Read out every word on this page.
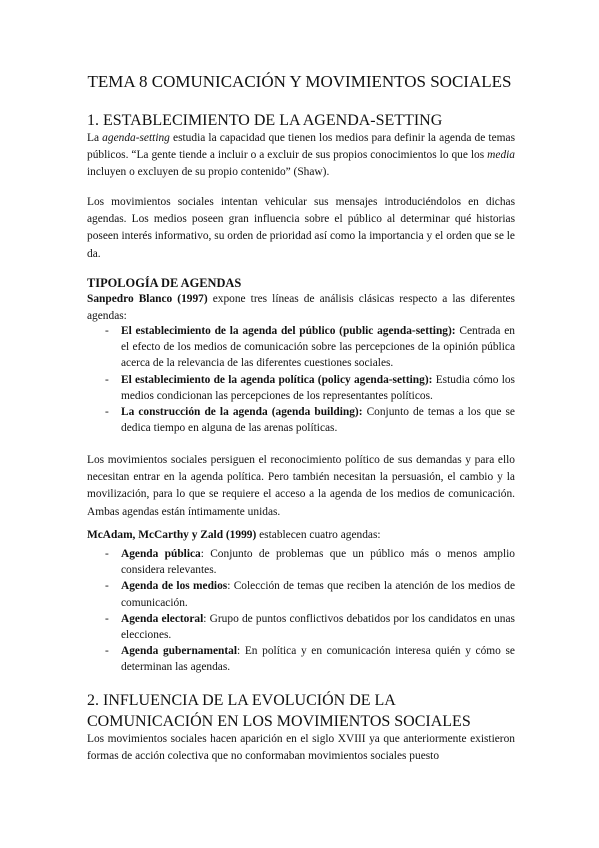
TEMA 8 COMUNICACIÓN Y MOVIMIENTOS SOCIALES
1. ESTABLECIMIENTO DE LA AGENDA-SETTING
La agenda-setting estudia la capacidad que tienen los medios para definir la agenda de temas públicos. “La gente tiende a incluir o a excluir de sus propios conocimientos lo que los media incluyen o excluyen de su propio contenido” (Shaw).
Los movimientos sociales intentan vehicular sus mensajes introduciéndolos en dichas agendas. Los medios poseen gran influencia sobre el público al determinar qué historias poseen interés informativo, su orden de prioridad así como la importancia y el orden que se le da.
TIPOLOGÍA DE AGENDAS
Sanpedro Blanco (1997) expone tres líneas de análisis clásicas respecto a las diferentes agendas:
- El establecimiento de la agenda del público (public agenda-setting): Centrada en el efecto de los medios de comunicación sobre las percepciones de la opinión pública acerca de la relevancia de las diferentes cuestiones sociales.
- El establecimiento de la agenda política (policy agenda-setting): Estudia cómo los medios condicionan las percepciones de los representantes políticos.
- La construcción de la agenda (agenda building): Conjunto de temas a los que se dedica tiempo en alguna de las arenas políticas.
Los movimientos sociales persiguen el reconocimiento político de sus demandas y para ello necesitan entrar en la agenda política. Pero también necesitan la persuasión, el cambio y la movilización, para lo que se requiere el acceso a la agenda de los medios de comunicación. Ambas agendas están íntimamente unidas.
McAdam, McCarthy y Zald (1999) establecen cuatro agendas:
- Agenda pública: Conjunto de problemas que un público más o menos amplio considera relevantes.
- Agenda de los medios: Colección de temas que reciben la atención de los medios de comunicación.
- Agenda electoral: Grupo de puntos conflictivos debatidos por los candidatos en unas elecciones.
- Agenda gubernamental: En política y en comunicación interesa quién y cómo se determinan las agendas.
2. INFLUENCIA DE LA EVOLUCIÓN DE LA COMUNICACIÓN EN LOS MOVIMIENTOS SOCIALES
Los movimientos sociales hacen aparición en el siglo XVIII ya que anteriormente existieron formas de acción colectiva que no conformaban movimientos sociales puesto
